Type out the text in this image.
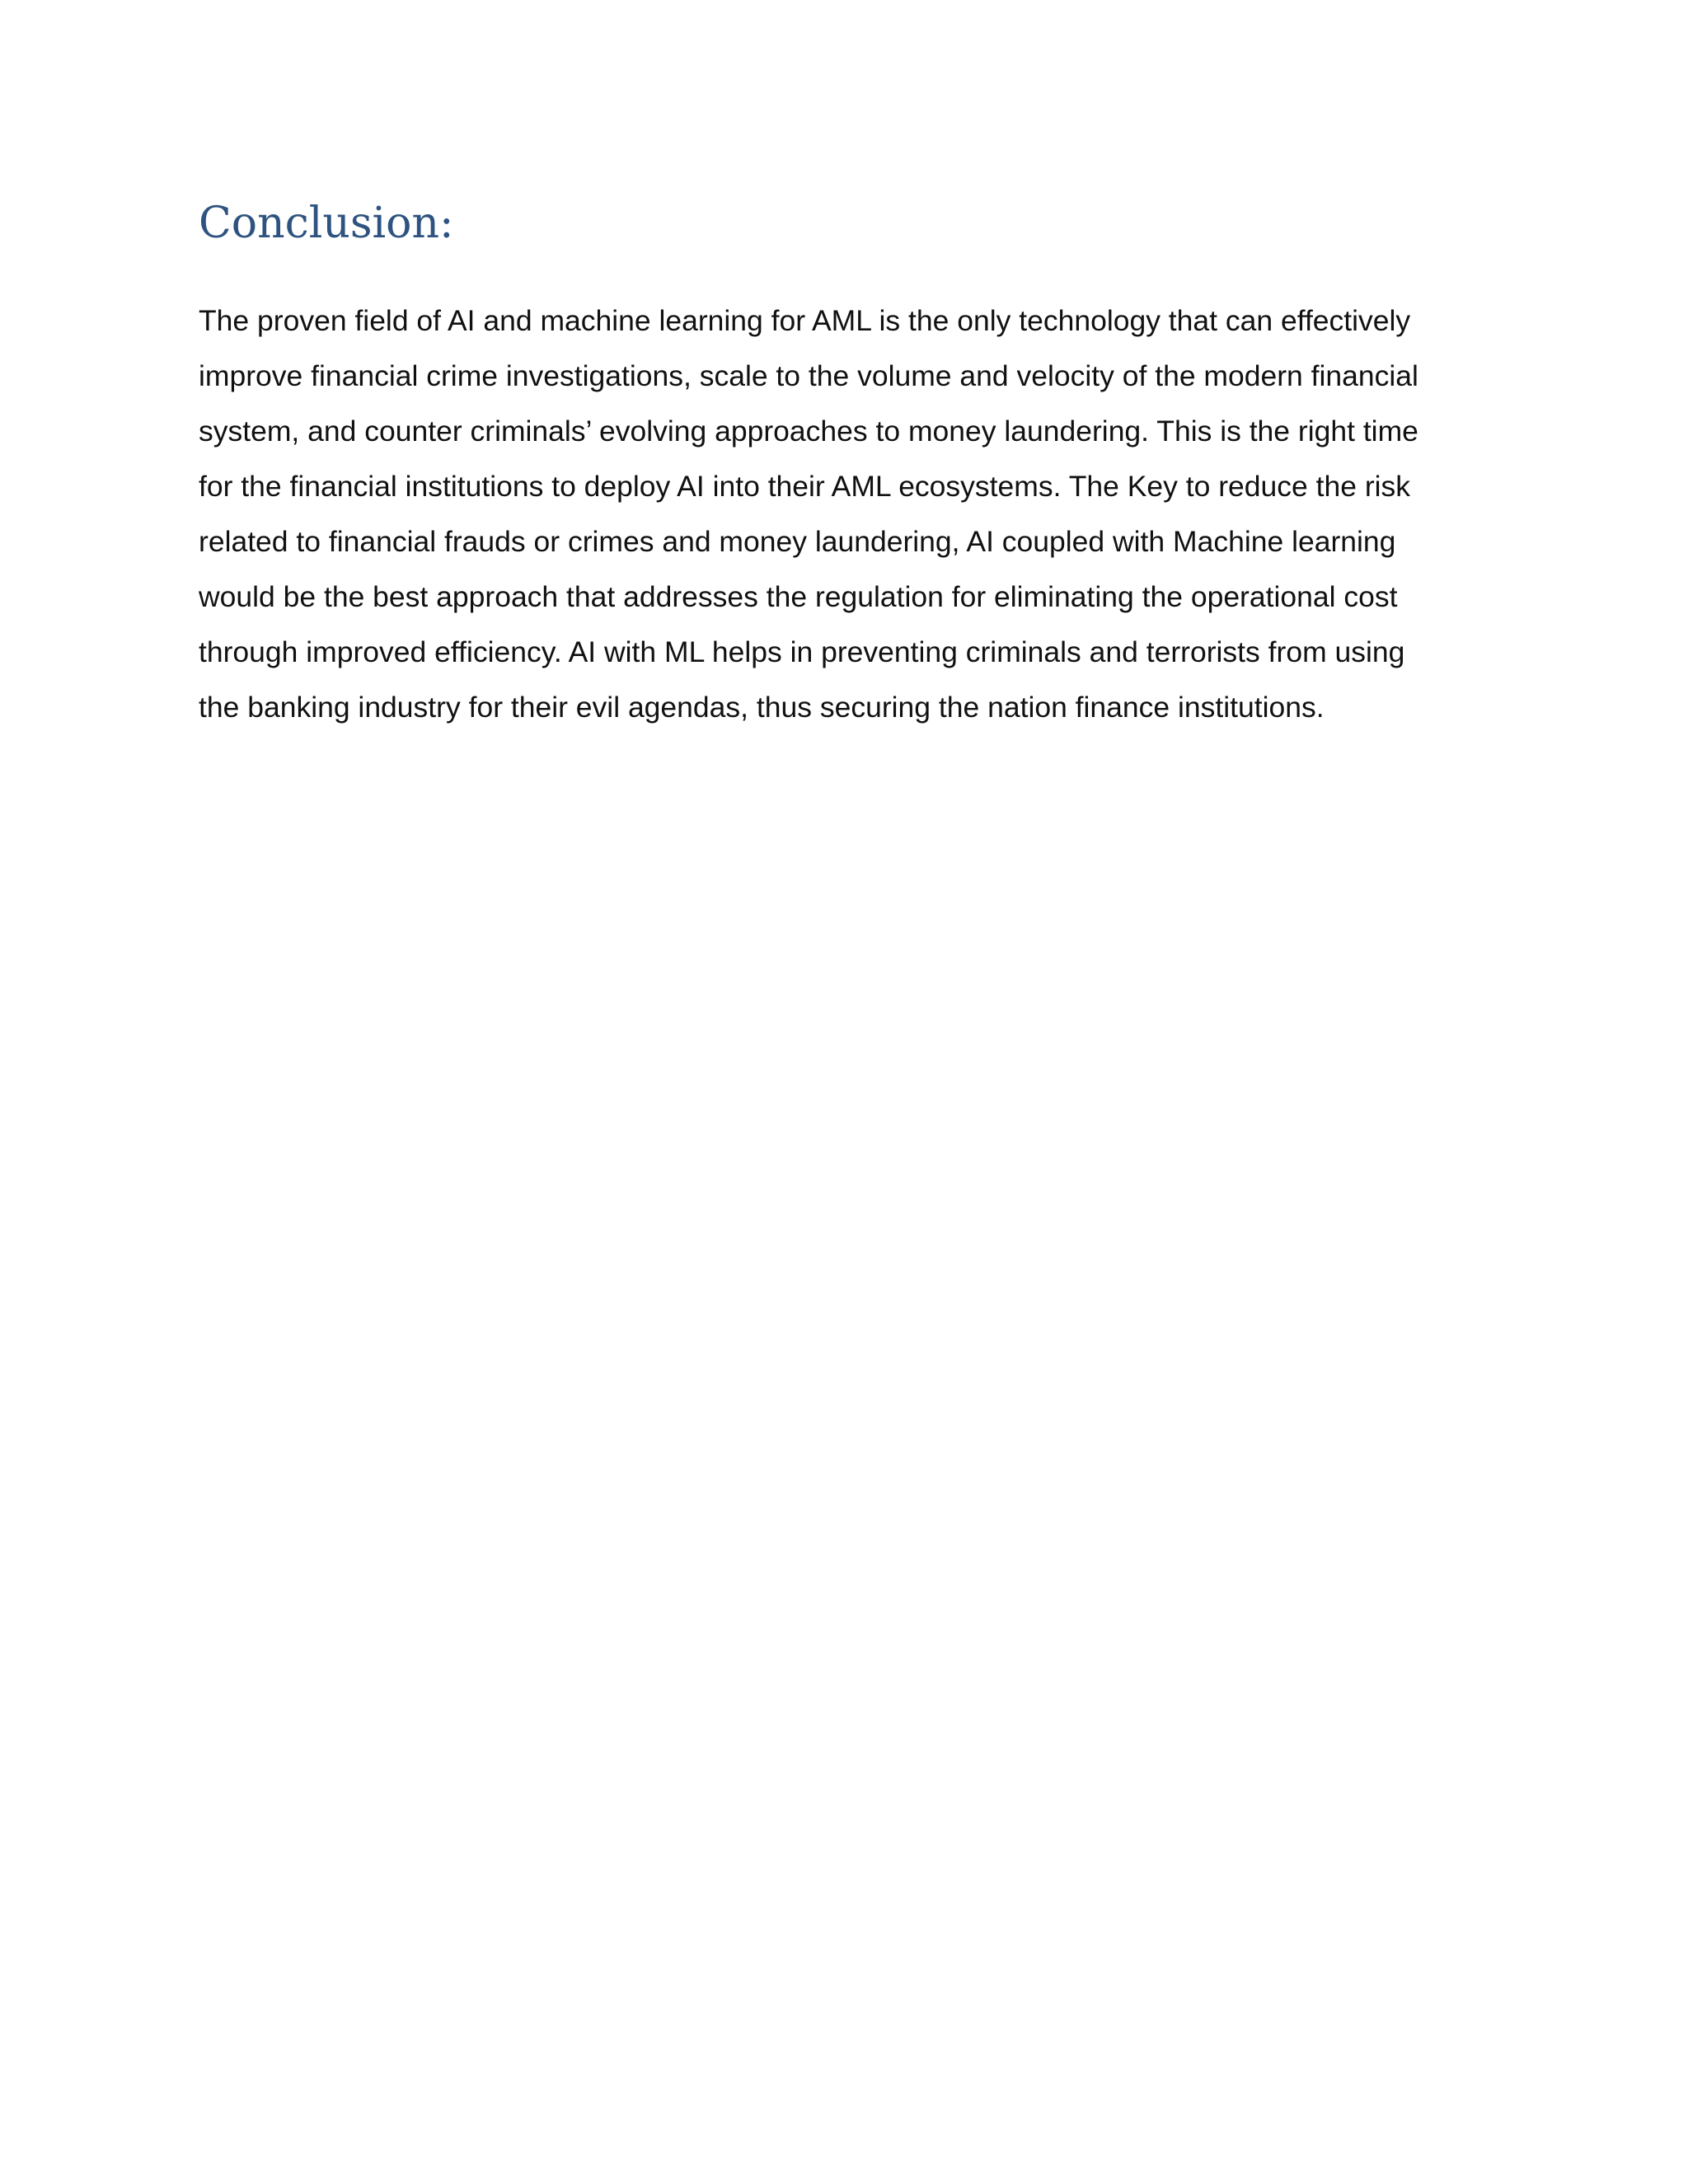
Conclusion:

The proven field of AI and machine learning for AML is the only technology that can effectively
improve financial crime investigations, scale to the volume and velocity of the modern financial
system, and counter criminals’ evolving approaches to money laundering. This is the right time
for the financial institutions to deploy AI into their AML ecosystems. The Key to reduce the risk
related to financial frauds or crimes and money laundering, AI coupled with Machine learning
would be the best approach that addresses the regulation for eliminating the operational cost
through improved efficiency. AI with ML helps in preventing criminals and terrorists from using
the banking industry for their evil agendas, thus securing the nation finance institutions.
